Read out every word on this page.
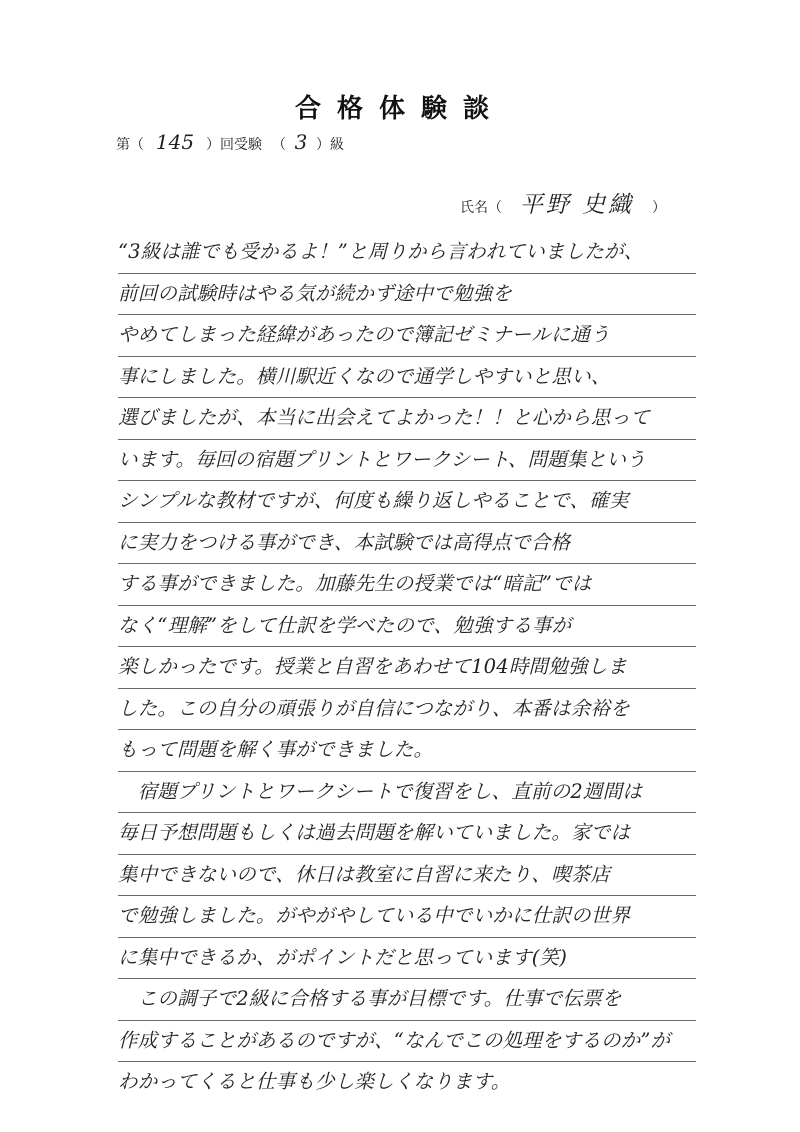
合格体験談
第（ 145 ）回受験 （ 3 ）級
氏名（ 平野 史織 ）
“3級は誰でも受かるよ！”と周りから言われていましたが、
前回の試験時はやる気が続かず途中で勉強を
やめてしまった経緯があったので簿記ゼミナールに通う
事にしました。横川駅近くなので通学しやすいと思い、
選びましたが、本当に出会えてよかった！！と心から思って
います。毎回の宿題プリントとワークシート、問題集という
シンプルな教材ですが、何度も繰り返しやることで、確実
に実力をつける事ができ、本試験では高得点で合格
する事ができました。加藤先生の授業では“暗記”では
なく“理解”をして仕訳を学べたので、勉強する事が
楽しかったです。授業と自習をあわせて104時間勉強しま
した。この自分の頑張りが自信につながり、本番は余裕を
もって問題を解く事ができました。
　宿題プリントとワークシートで復習をし、直前の2週間は
毎日予想問題もしくは過去問題を解いていました。家では
集中できないので、休日は教室に自習に来たり、喫茶店
で勉強しました。がやがやしている中でいかに仕訳の世界
に集中できるか、がポイントだと思っています(笑)
　この調子で2級に合格する事が目標です。仕事で伝票を
作成することがあるのですが、“なんでこの処理をするのか”が
わかってくると仕事も少し楽しくなります。
